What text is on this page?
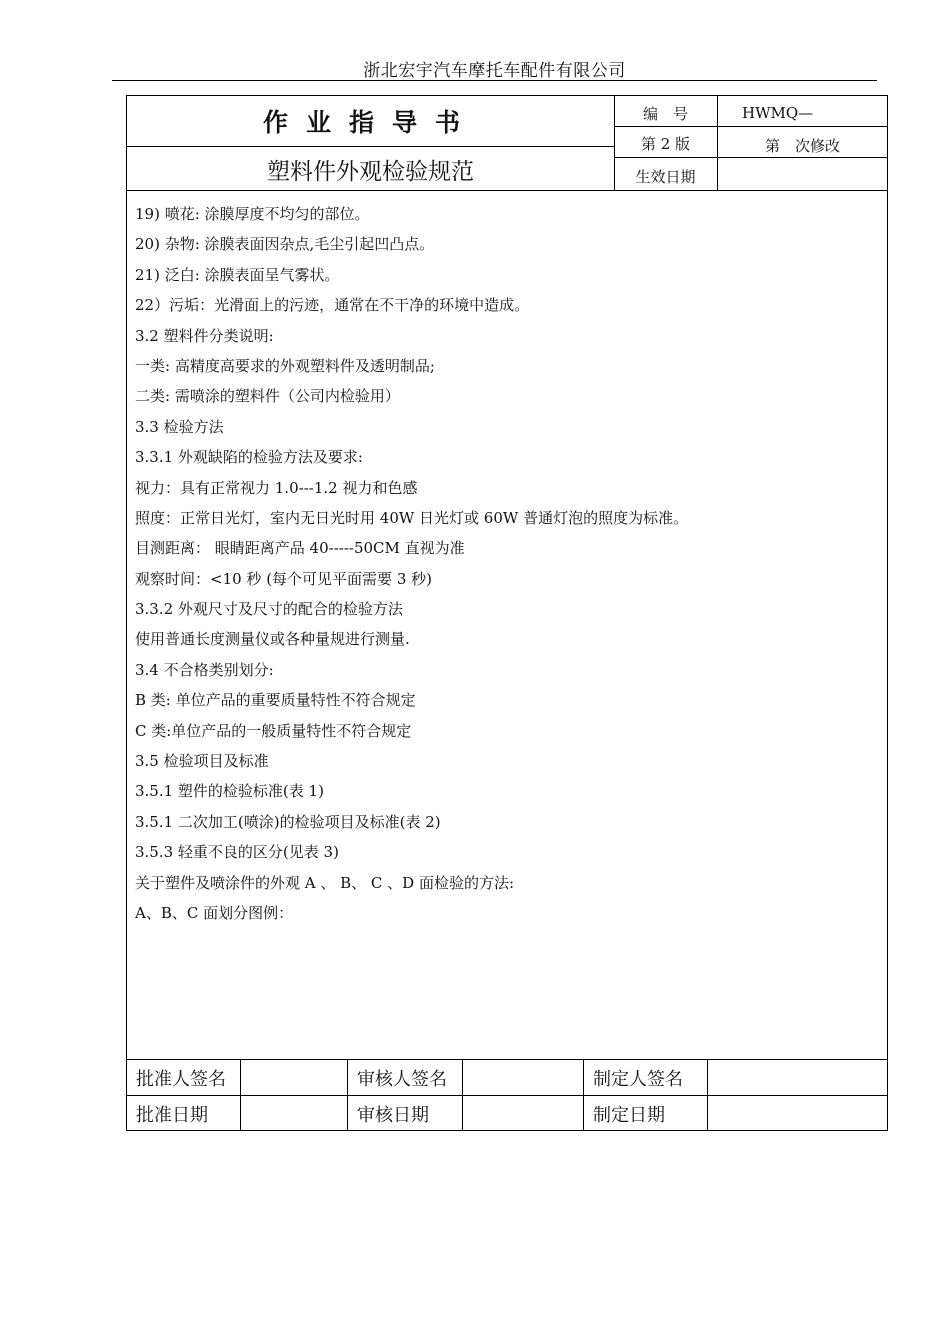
浙北宏宇汽车摩托车配件有限公司
作业指导书
塑料件外观检验规范
编　号	HWMQ—
第 2 版	第　次修改
生效日期
19) 喷花: 涂膜厚度不均匀的部位。
20) 杂物: 涂膜表面因杂点,毛尘引起凹凸点。
21) 泛白: 涂膜表面呈气雾状。
22）污垢：光滑面上的污迹，通常在不干净的环境中造成。
3.2 塑料件分类说明:
一类: 高精度高要求的外观塑料件及透明制品;
二类: 需喷涂的塑料件（公司内检验用）
3.3 检验方法
3.3.1 外观缺陷的检验方法及要求:
视力：具有正常视力 1.0---1.2 视力和色感
照度：正常日光灯，室内无日光时用 40W 日光灯或 60W 普通灯泡的照度为标准。
目测距离： 眼睛距离产品 40-----50CM 直视为准
观察时间：<10 秒 (每个可见平面需要 3 秒)
3.3.2 外观尺寸及尺寸的配合的检验方法
使用普通长度测量仪或各种量规进行测量.
3.4 不合格类别划分:
B 类: 单位产品的重要质量特性不符合规定
C 类:单位产品的一般质量特性不符合规定
3.5 检验项目及标准
3.5.1 塑件的检验标准(表 1)
3.5.1 二次加工(喷涂)的检验项目及标准(表 2)
3.5.3 轻重不良的区分(见表 3)
关于塑件及喷涂件的外观 A 、 B、 C 、D 面检验的方法:
A、B、C 面划分图例：
批准人签名	审核人签名	制定人签名
批准日期	审核日期	制定日期
